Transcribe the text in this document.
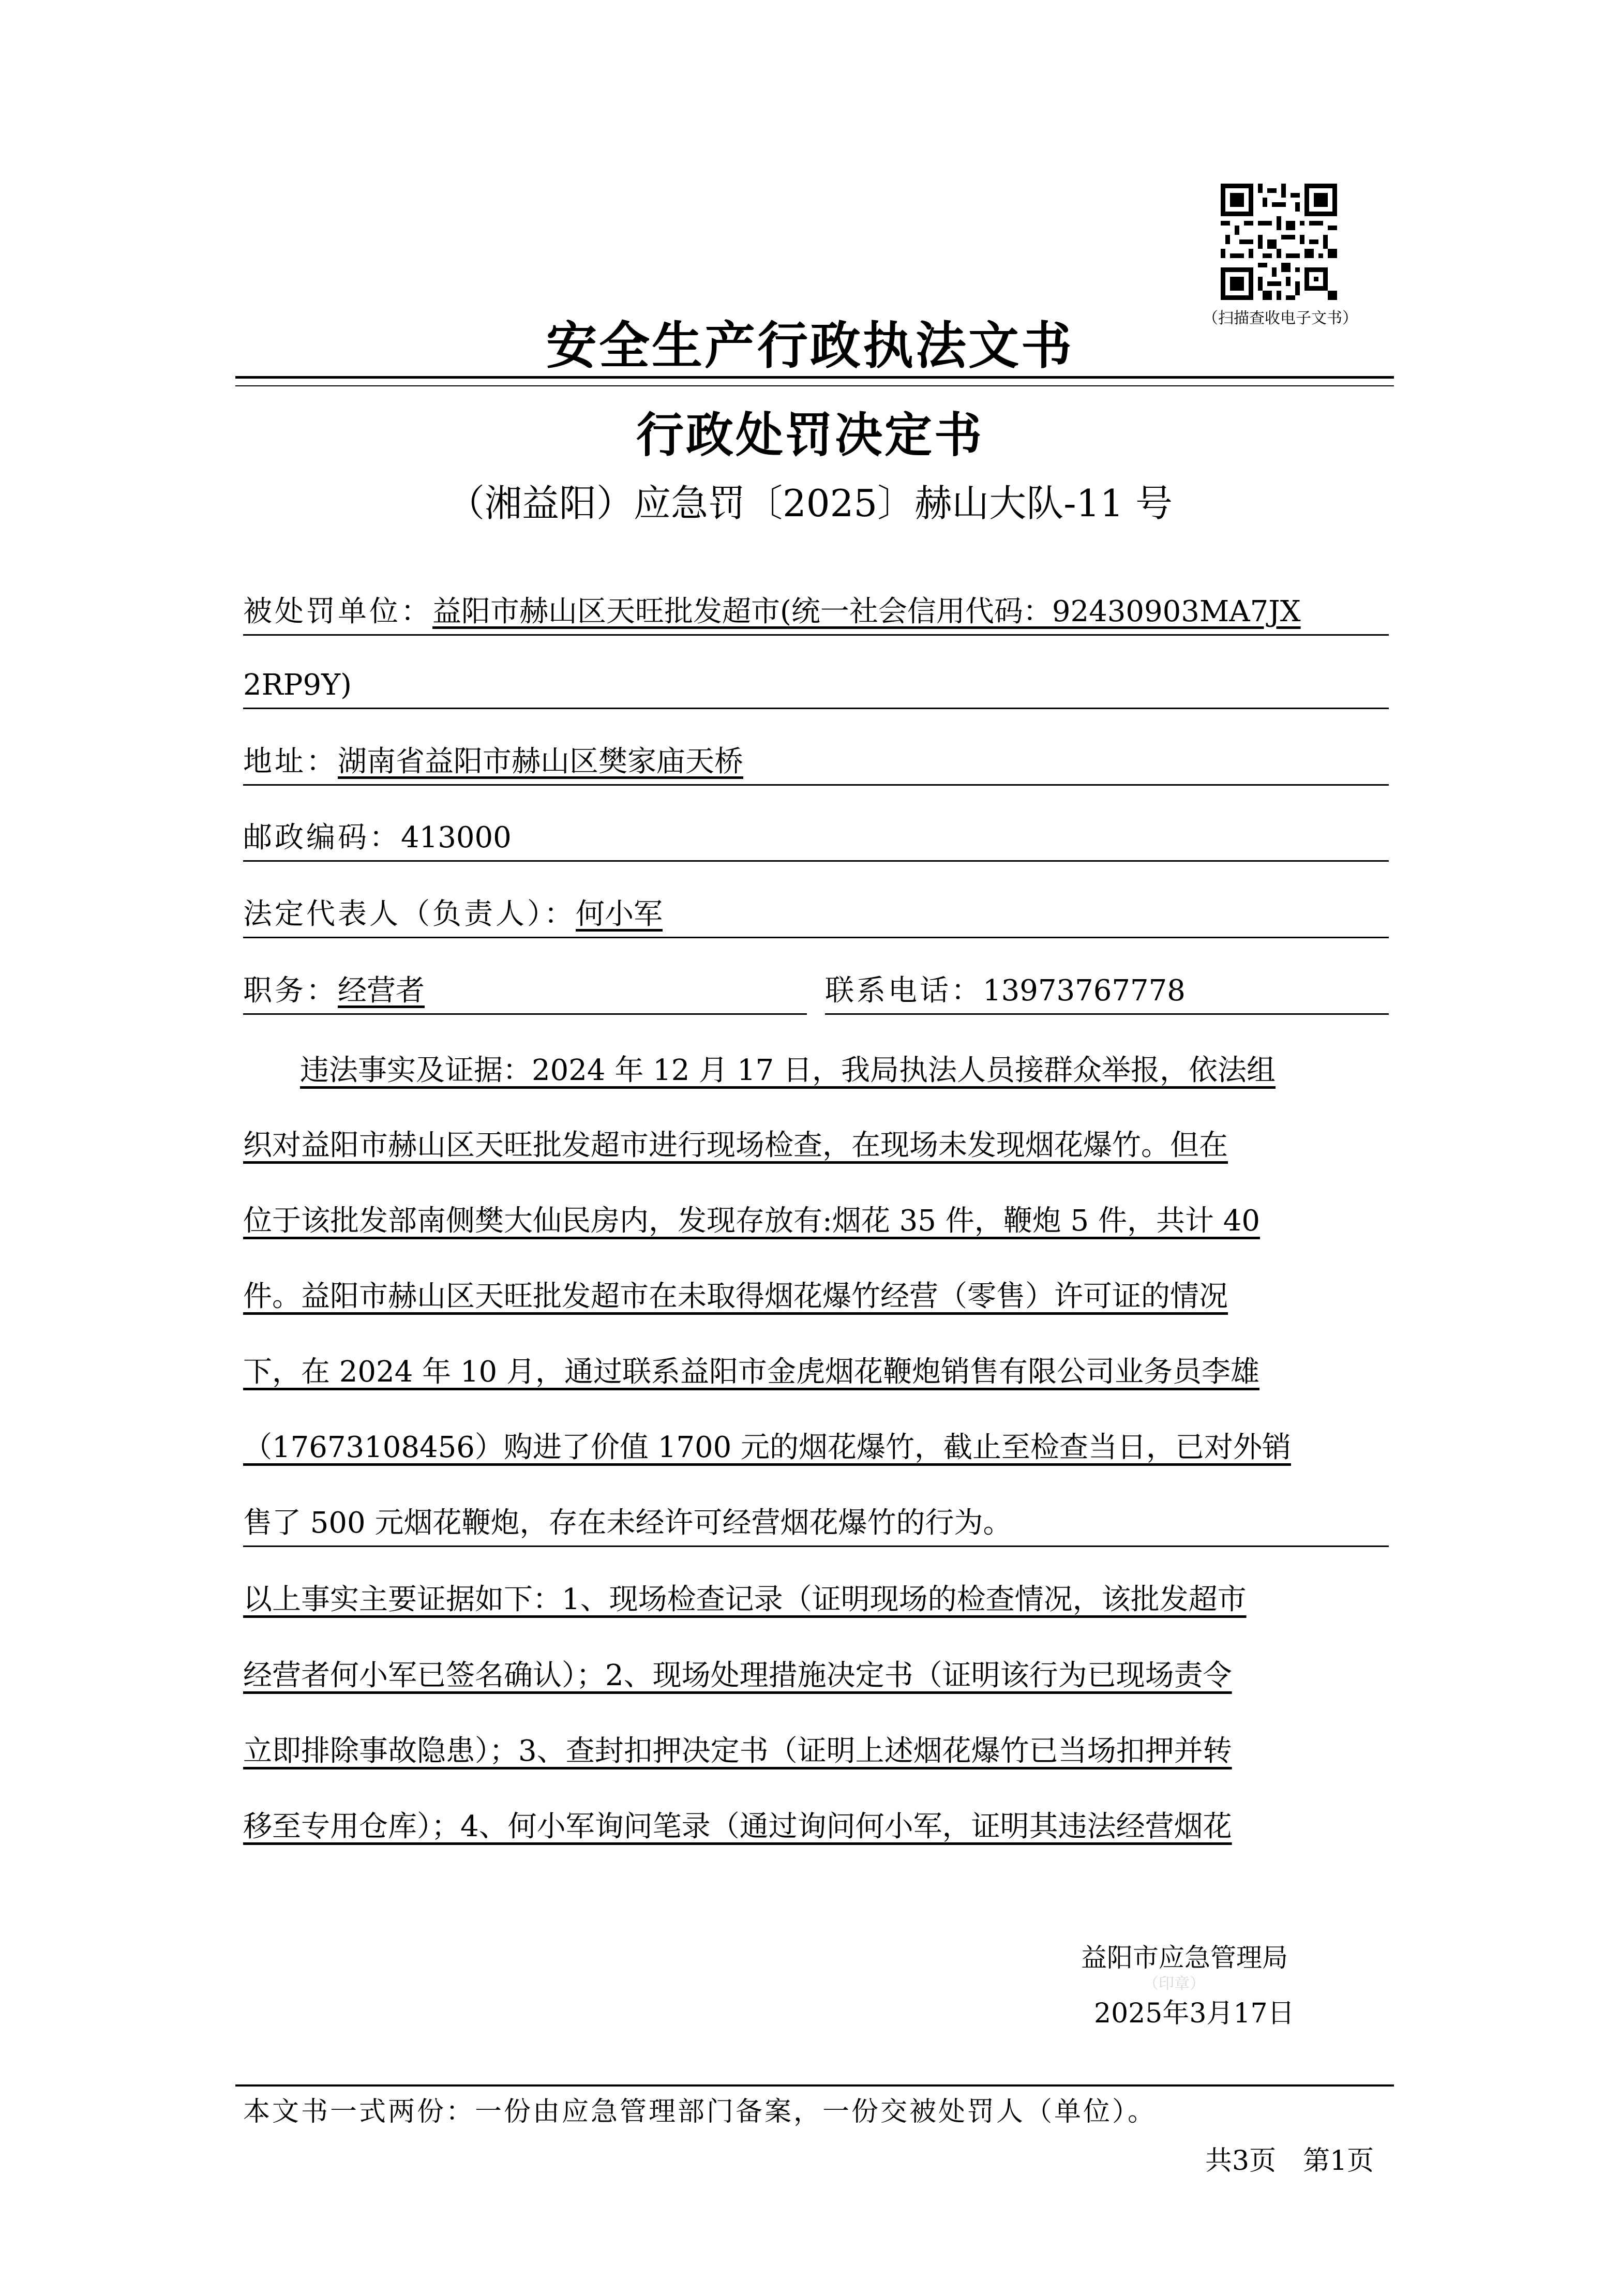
（扫描查收电子文书）
安全生产行政执法文书
行政处罚决定书
（湘益阳）应急罚〔2025〕赫山大队-11 号
被处罚单位：益阳市赫山区天旺批发超市(统一社会信用代码：92430903MA7JX
2RP9Y)
地址：湖南省益阳市赫山区樊家庙天桥
邮政编码：413000
法定代表人（负责人）：何小军
职务：经营者	联系电话：13973767778
违法事实及证据：2024 年 12 月 17 日，我局执法人员接群众举报，依法组
织对益阳市赫山区天旺批发超市进行现场检查，在现场未发现烟花爆竹。但在
位于该批发部南侧樊大仙民房内，发现存放有:烟花 35 件，鞭炮 5 件，共计 40
件。益阳市赫山区天旺批发超市在未取得烟花爆竹经营（零售）许可证的情况
下，在 2024 年 10 月，通过联系益阳市金虎烟花鞭炮销售有限公司业务员李雄
（17673108456）购进了价值 1700 元的烟花爆竹，截止至检查当日，已对外销
售了 500 元烟花鞭炮，存在未经许可经营烟花爆竹的行为。
以上事实主要证据如下：1、现场检查记录（证明现场的检查情况，该批发超市
经营者何小军已签名确认）；2、现场处理措施决定书（证明该行为已现场责令
立即排除事故隐患）；3、查封扣押决定书（证明上述烟花爆竹已当场扣押并转
移至专用仓库）；4、何小军询问笔录（通过询问何小军，证明其违法经营烟花
益阳市应急管理局
（印章）
2025年3月17日
本文书一式两份：一份由应急管理部门备案，一份交被处罚人（单位）。
共3页　第1页
